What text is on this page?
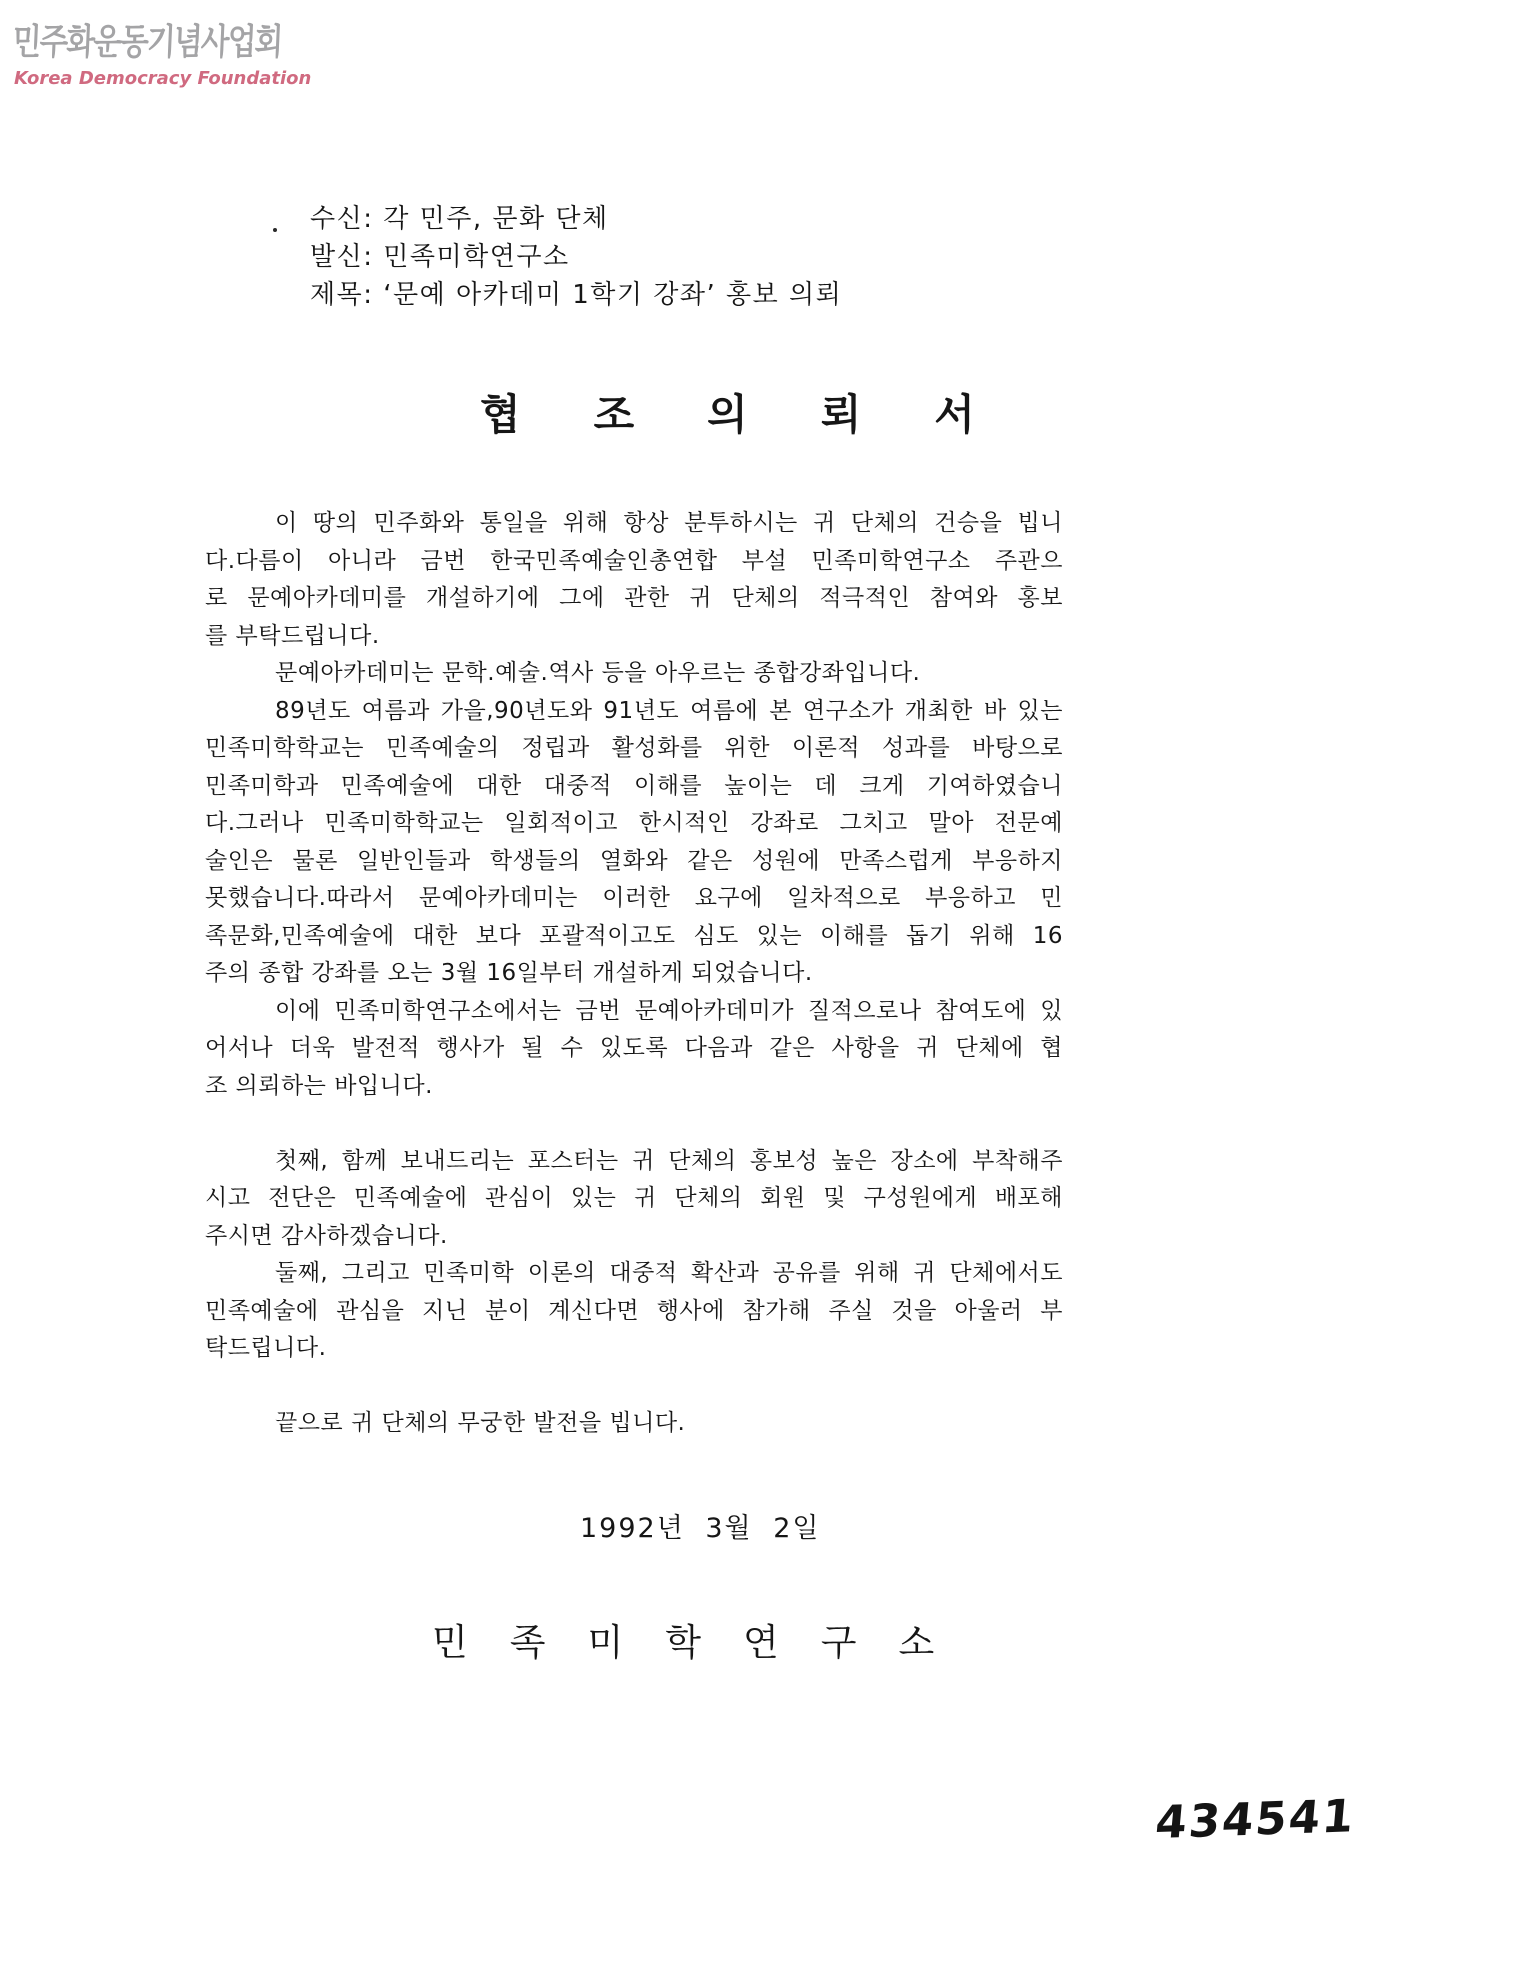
민주화운동기념사업회
Korea Democracy Foundation
수신: 각 민주, 문화 단체
발신: 민족미학연구소
제목: ‘문예 아카데미 1학기 강좌’ 홍보 의뢰
협조의뢰서
이 땅의 민주화와 통일을 위해 항상 분투하시는 귀 단체의 건승을 빕니
다.다름이 아니라 금번 한국민족예술인총연합 부설 민족미학연구소 주관으
로 문예아카데미를 개설하기에 그에 관한 귀 단체의 적극적인 참여와 홍보
를 부탁드립니다.
문예아카데미는 문학.예술.역사 등을 아우르는 종합강좌입니다.
89년도 여름과 가을,90년도와 91년도 여름에 본 연구소가 개최한 바 있는
민족미학학교는 민족예술의 정립과 활성화를 위한 이론적 성과를 바탕으로
민족미학과 민족예술에 대한 대중적 이해를 높이는 데 크게 기여하였습니
다.그러나 민족미학학교는 일회적이고 한시적인 강좌로 그치고 말아 전문예
술인은 물론 일반인들과 학생들의 열화와 같은 성원에 만족스럽게 부응하지
못했습니다.따라서 문예아카데미는 이러한 요구에 일차적으로 부응하고 민
족문화,민족예술에 대한 보다 포괄적이고도 심도 있는 이해를 돕기 위해 16
주의 종합 강좌를 오는 3월 16일부터 개설하게 되었습니다.
이에 민족미학연구소에서는 금번 문예아카데미가 질적으로나 참여도에 있
어서나 더욱 발전적 행사가 될 수 있도록 다음과 같은 사항을 귀 단체에 협
조 의뢰하는 바입니다.
첫째, 함께 보내드리는 포스터는 귀 단체의 홍보성 높은 장소에 부착해주
시고 전단은 민족예술에 관심이 있는 귀 단체의 회원 및 구성원에게 배포해
주시면 감사하겠습니다.
둘째, 그리고 민족미학 이론의 대중적 확산과 공유를 위해 귀 단체에서도
민족예술에 관심을 지닌 분이 계신다면 행사에 참가해 주실 것을 아울러 부
탁드립니다.
끝으로 귀 단체의 무궁한 발전을 빕니다.
1992년 3월 2일
민족미학연구소
434541
